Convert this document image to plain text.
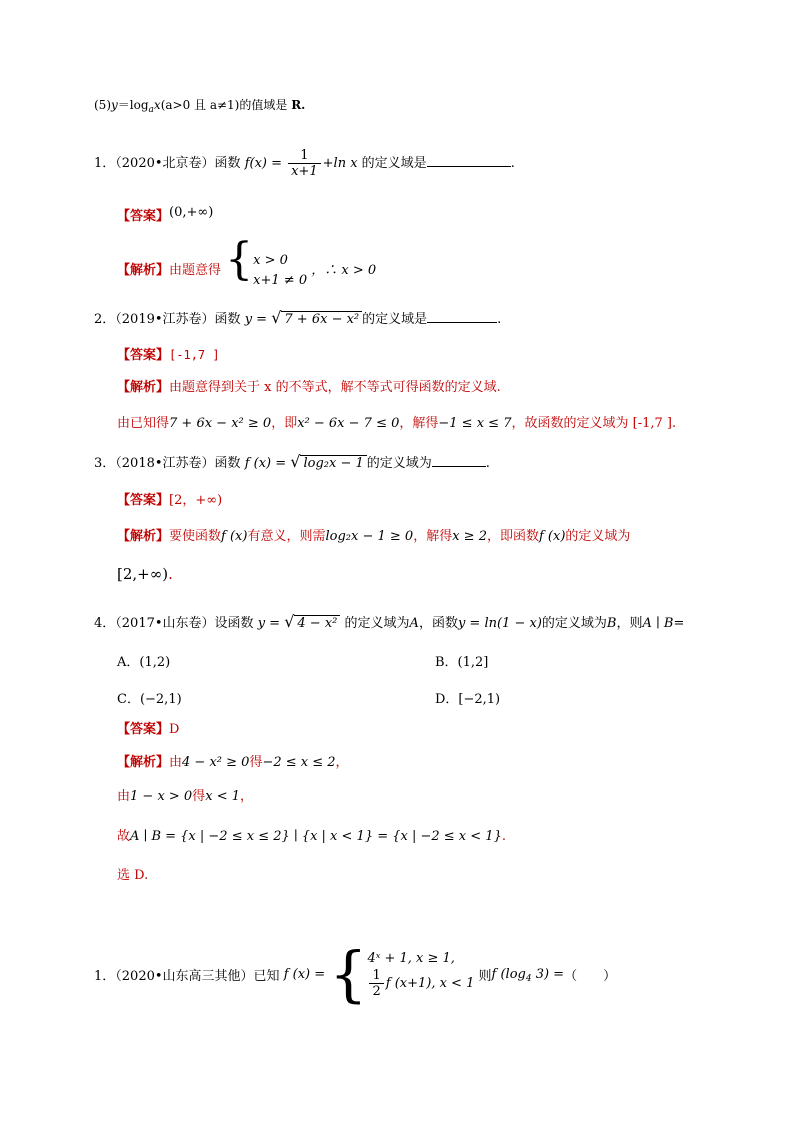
$(5)y=\log_ax(a>0$ 且 a≠1)的值域是 R.
1．（2020•北京卷）函数 $f(x) = \frac{1}{x+1} +\ln$ x 的定义域是	.
【答案】(0,+∞)
【解析】由题意得 { x > 0
x+1 ≠ 0
，∴ x > 0
2．（2019•江苏卷）函数 y = √ 7 + 6x − x² 的定义域是	.
【答案】[-1,7 ]
【解析】由题意得到关于 x 的不等式，解不等式可得函数的定义域.
由已知得7 + 6x − x² ≥ 0，即x² − 6x − 7 ≤ 0，解得−1 ≤ x ≤ 7，故函数的定义域为 [-1,7 ].
3．（2018•江苏卷）函数 f (x) = √ log₂x − 1 的定义域为	.
【答案】[2，+∞)
【解析】要使函数f (x)有意义，则需log₂x − 1 ≥ 0，解得x ≥ 2，即函数f (x)的定义域为
[2,+∞).
4．（2017•山东卷）设函数 y = √ 4 − x² 的定义域为A，函数y = ln(1 − x)的定义域为B，则A ∣ B=
A．(1,2)	B．(1,2]
C．(−2,1)	D．[−2,1)
【答案】D
【解析】由4 − x² ≥ 0得−2 ≤ x ≤ 2，
由1 − x > 0得x < 1，
故A ∣ B = {x | −2 ≤ x ≤ 2} ∣ {x | x < 1} = {x | −2 ≤ x < 1}.
选 D.
1．（2020•山东高三其他）已知 f (x) = { 4ˣ + 1, x ≥ 1,
$\frac{1}{2}$ f (x+1), x < 1 则f ($\log_4$ 3) =（　　）
